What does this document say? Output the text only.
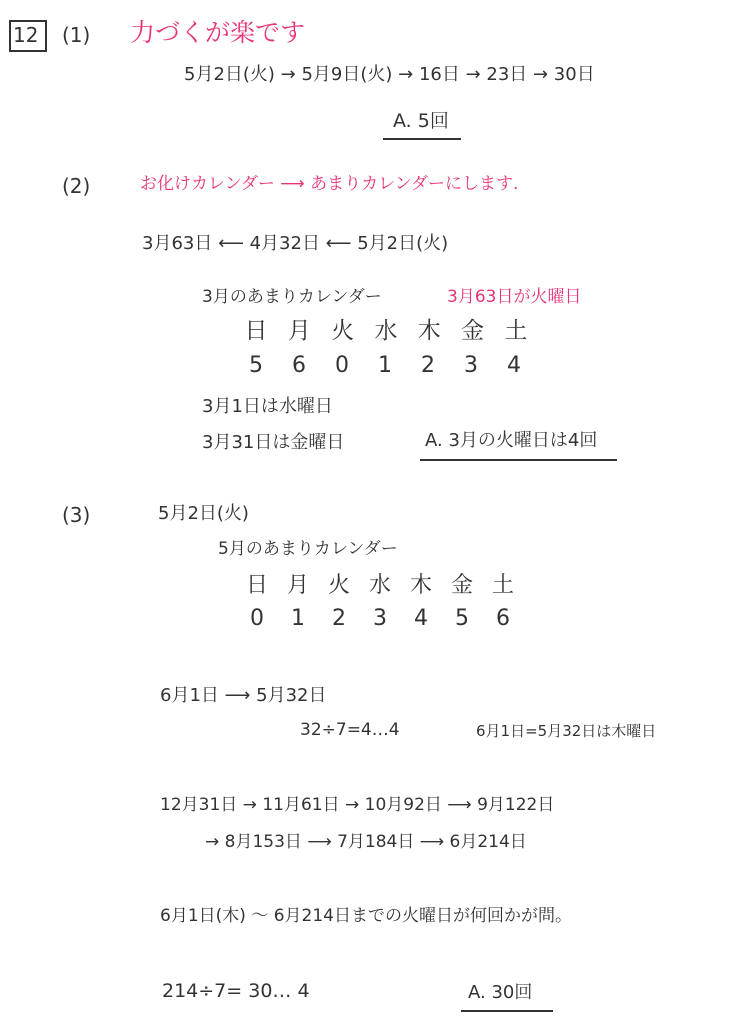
12 (1) 力づくが楽です
5月2日(火) → 5月9日(火) → 16日 → 23日 → 30日
A. 5回
(2)	お化けカレンダー ⟶ あまりカレンダーにします.
3月63日 ⟵ 4月32日 ⟵ 5月2日(火)
3月のあまりカレンダー	3月63日が火曜日
日 月 火 水 木 金 土
5 6 0 1 2 3 4
3月1日は水曜日
3月31日は金曜日	A. 3月の火曜日は4回
(3)	5月2日(火)
5月のあまりカレンダー
日 月 火 水 木 金 土
0 1 2 3 4 5 6
6月1日 ⟶ 5月32日
32÷7=4…4	6月1日=5月32日は木曜日
12月31日 → 11月61日 → 10月92日 ⟶ 9月122日
→ 8月153日 ⟶ 7月184日 ⟶ 6月214日
6月1日(木) 〜 6月214日までの火曜日が何回かが問。
214÷7= 30… 4	A. 30回
